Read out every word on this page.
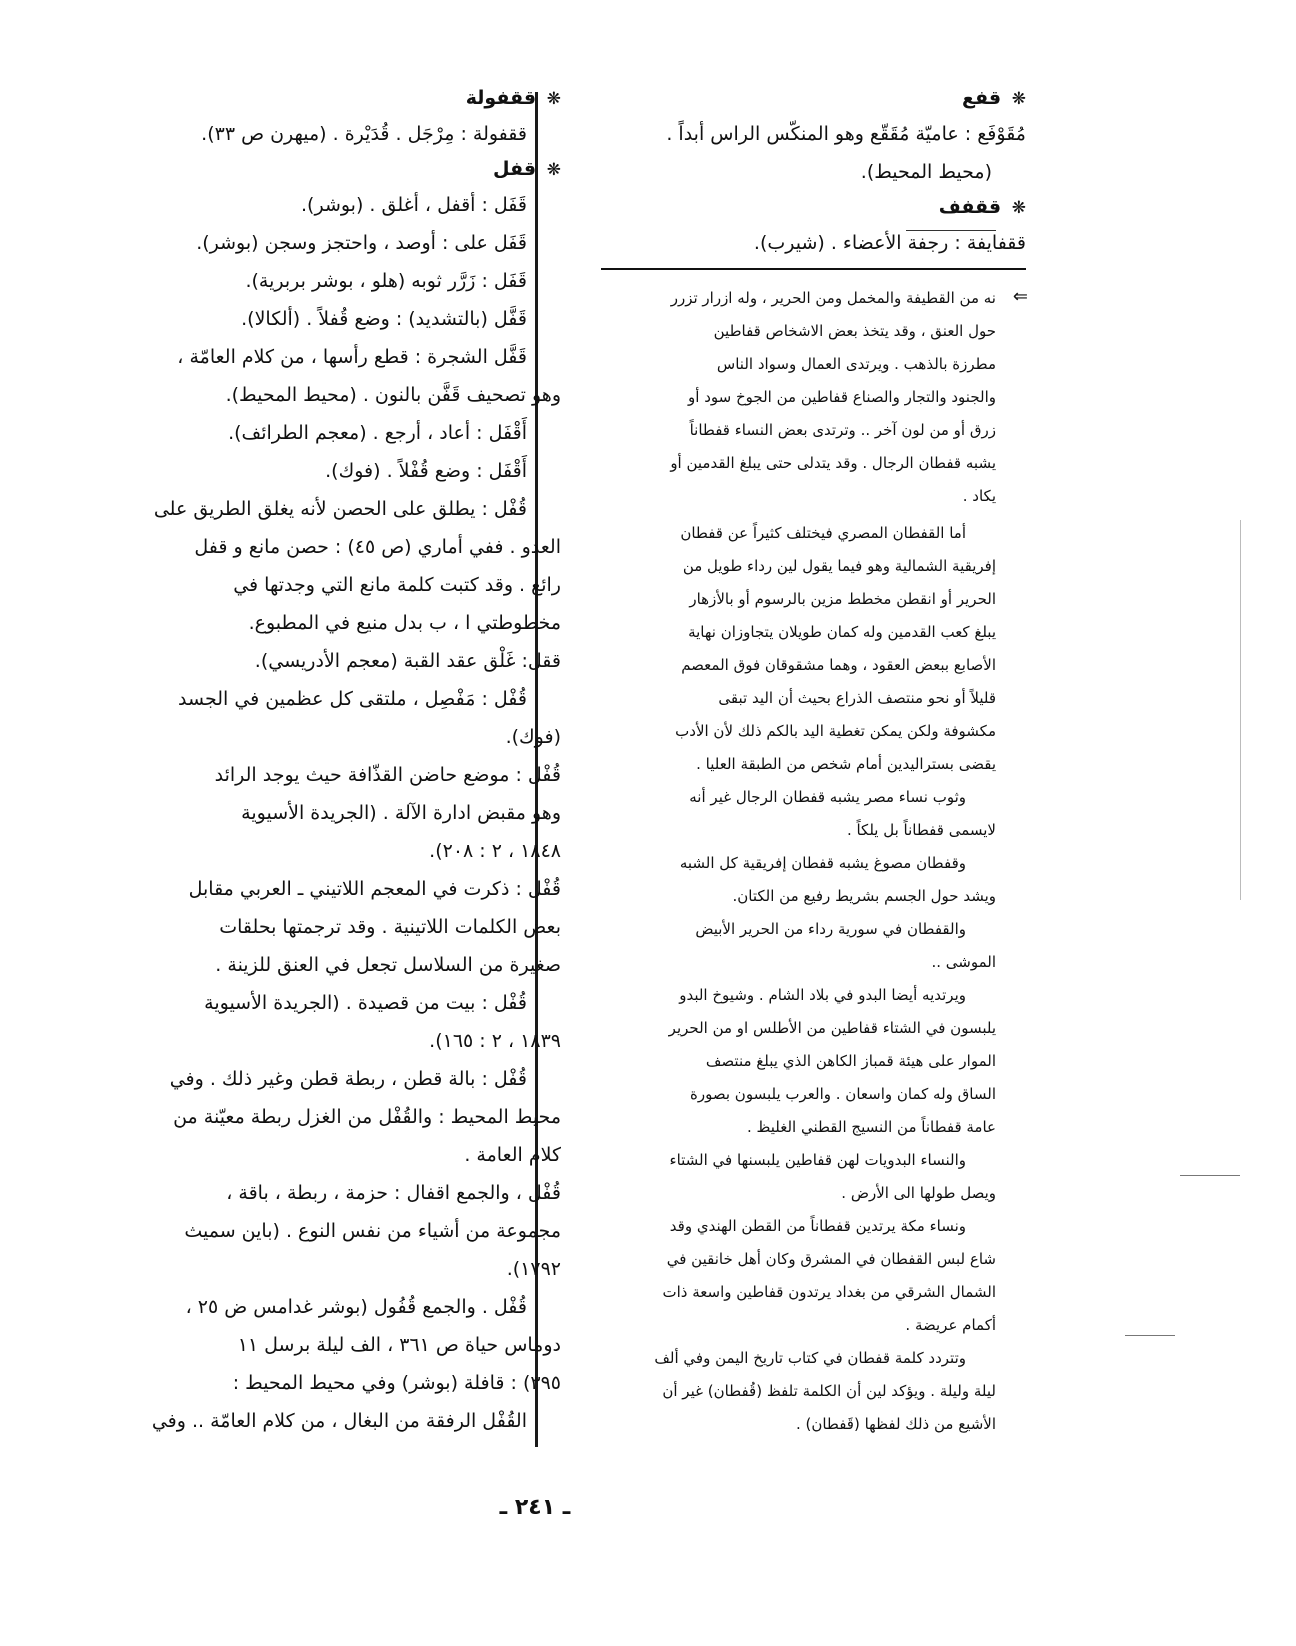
❋ قفع
مُقَوْفَع : عاميّة مُقَقّع وهو المنكّس الراس أبداً .
(محيط المحيط).
❋ ققفف
ققفايفة : رجفة الأعضاء . (شيرب).
⇐
نه من القطيفة والمخمل ومن الحرير ، وله ازرار تزرر
حول العنق ، وقد يتخذ بعض الاشخاص قفاطين
مطرزة بالذهب . ويرتدى العمال وسواد الناس
والجنود والتجار والصناع قفاطين من الجوخ سود أو
زرق أو من لون آخر .. وترتدى بعض النساء قفطاناً
يشبه قفطان الرجال . وقد يتدلى حتى يبلغ القدمين أو
يكاد .
أما القفطان المصري فيختلف كثيراً عن قفطان
إفريقية الشمالية وهو فيما يقول لين رداء طويل من
الحرير أو انقطن مخطط مزين بالرسوم أو بالأزهار
يبلغ كعب القدمين وله كمان طويلان يتجاوزان نهاية
الأصابع ببعض العقود ، وهما مشقوقان فوق المعصم
قليلاً أو نحو منتصف الذراع بحيث أن اليد تبقى
مكشوفة ولكن يمكن تغطية اليد بالكم ذلك لأن الأدب
يقضى بستراليدين أمام شخص من الطبقة العليا .
وثوب نساء مصر يشبه قفطان الرجال غير أنه
لايسمى قفطاناً بل يلكاً .
وقفطان مصوغ يشبه قفطان إفريقية كل الشبه
ويشد حول الجسم بشريط رفيع من الكتان.
والقفطان في سورية رداء من الحرير الأبيض
الموشى ..
ويرتديه أيضا البدو في بلاد الشام . وشيوخ البدو
يلبسون في الشتاء قفاطين من الأطلس او من الحرير
الموار على هيئة قمباز الكاهن الذي يبلغ منتصف
الساق وله كمان واسعان . والعرب يلبسون بصورة
عامة قفطاناً من النسيج القطني الغليظ .
والنساء البدويات لهن قفاطين يلبسنها في الشتاء
ويصل طولها الى الأرض .
ونساء مكة يرتدين قفطاناً من القطن الهندي وقد
شاع لبس القفطان في المشرق وكان أهل خانقين في
الشمال الشرقي من بغداد يرتدون قفاطين واسعة ذات
أكمام عريضة .
وتتردد كلمة قفطان في كتاب تاريخ اليمن وفي ألف
ليلة وليلة . ويؤكد لين أن الكلمة تلفظ (قُفطان) غير أن
الأشيع من ذلك لفظها (قَفطان) .
❋ ققفولة
ققفولة : مِرْجَل . قُدَيْرة . (ميهرن ص ٣٣).
❋ قفل
قَفَل : أقفل ، أغلق . (بوشر).
قَفَل على : أوصد ، واحتجز وسجن (بوشر).
قَفَل : زَرَّر ثوبه (هلو ، بوشر بربرية).
قَفَّل (بالتشديد) : وضع قُفلاً . (ألكالا).
قَفَّل الشجرة : قطع رأسها ، من كلام العامّة ،
وهو تصحيف قَفَّن بالنون . (محيط المحيط).
أَقْفَل : أعاد ، أرجع . (معجم الطرائف).
أَقْفَل : وضع قُفْلاً . (فوك).
قُفْل : يطلق على الحصن لأنه يغلق الطريق على
العدو . ففي أماري (ص ٤٥) : حصن مانع و قفل
رائع . وقد كتبت كلمة مانع التي وجدتها في
مخطوطتي ا ، ب بدل منيع في المطبوع.
ققل: غَلْق عقد القبة (معجم الأدريسي).
قُفْل : مَفْصِل ، ملتقى كل عظمين في الجسد
(فوك).
قُفْل : موضع حاضن القذّافة حيث يوجد الرائد
وهو مقبض ادارة الآلة . (الجريدة الأسيوية
١٨٤٨ ، ٢ : ٢٠٨).
قُفْل : ذكرت في المعجم اللاتيني ـ العربي مقابل
بعض الكلمات اللاتينية . وقد ترجمتها بحلقات
صغيرة من السلاسل تجعل في العنق للزينة .
قُفْل : بيت من قصيدة . (الجريدة الأسيوية
١٨٣٩ ، ٢ : ١٦٥).
قُفْل : بالة قطن ، ربطة قطن وغير ذلك . وفي
محيط المحيط : والقُفْل من الغزل ربطة معيّنة من
كلام العامة .
قُفْل ، والجمع اقفال : حزمة ، ربطة ، باقة ،
مجموعة من أشياء من نفس النوع . (باين سميث
١٧٩٢).
قُفْل . والجمع قُفُول (بوشر غدامس ض ٢٥ ،
دوماس حياة ص ٣٦١ ، الف ليلة برسل ١١
٣٩٥) : قافلة (بوشر) وفي محيط المحيط :
القُفْل الرفقة من البغال ، من كلام العامّة .. وفي
ـ ٢٤١ ـ
